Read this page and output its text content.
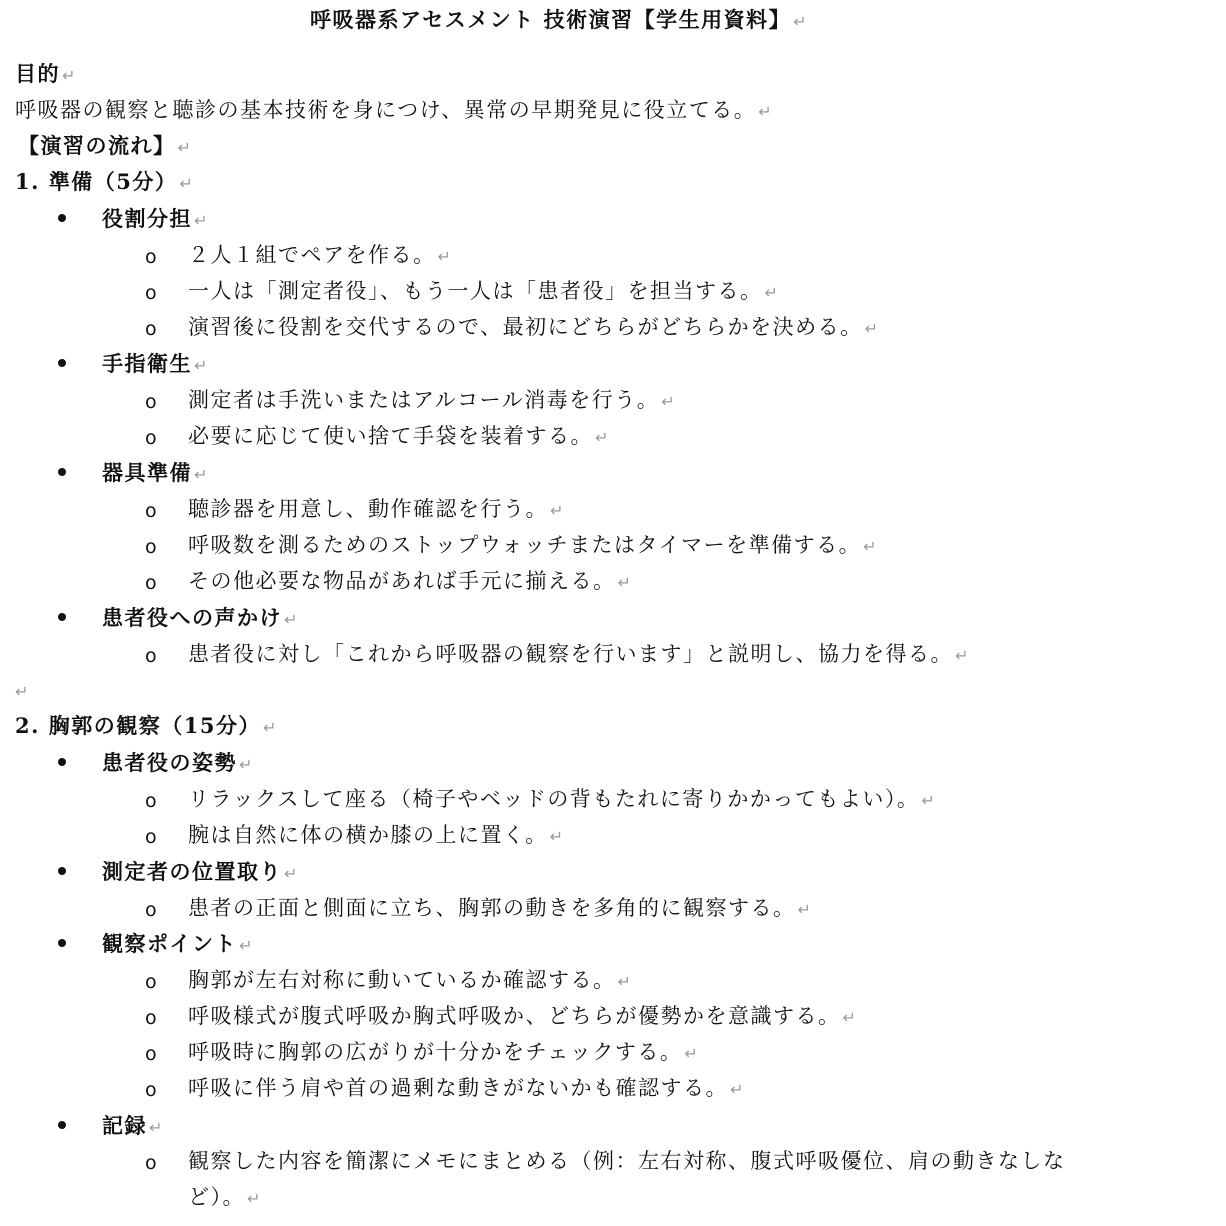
呼吸器系アセスメント 技術演習【学生用資料】 ↵
目的 ↵
呼吸器の観察と聴診の基本技術を身につけ、異常の早期発見に役立てる。 ↵
【演習の流れ】 ↵
1. 準備（5分） ↵
役割分担 ↵
o ２人１組でペアを作る。 ↵
o 一人は「測定者役」、もう一人は「患者役」を担当する。 ↵
o 演習後に役割を交代するので、最初にどちらがどちらかを決める。 ↵
手指衛生 ↵
o 測定者は手洗いまたはアルコール消毒を行う。 ↵
o 必要に応じて使い捨て手袋を装着する。 ↵
器具準備 ↵
o 聴診器を用意し、動作確認を行う。 ↵
o 呼吸数を測るためのストップウォッチまたはタイマーを準備する。 ↵
o その他必要な物品があれば手元に揃える。 ↵
患者役への声かけ ↵
o 患者役に対し「これから呼吸器の観察を行います」と説明し、協力を得る。 ↵
↵
2. 胸郭の観察（15分） ↵
患者役の姿勢 ↵
o リラックスして座る（椅子やベッドの背もたれに寄りかかってもよい）。 ↵
o 腕は自然に体の横か膝の上に置く。 ↵
測定者の位置取り ↵
o 患者の正面と側面に立ち、胸郭の動きを多角的に観察する。 ↵
観察ポイント ↵
o 胸郭が左右対称に動いているか確認する。 ↵
o 呼吸様式が腹式呼吸か胸式呼吸か、どちらが優勢かを意識する。 ↵
o 呼吸時に胸郭の広がりが十分かをチェックする。 ↵
o 呼吸に伴う肩や首の過剰な動きがないかも確認する。 ↵
記録 ↵
o 観察した内容を簡潔にメモにまとめる（例：左右対称、腹式呼吸優位、肩の動きなしな
ど）。 ↵
